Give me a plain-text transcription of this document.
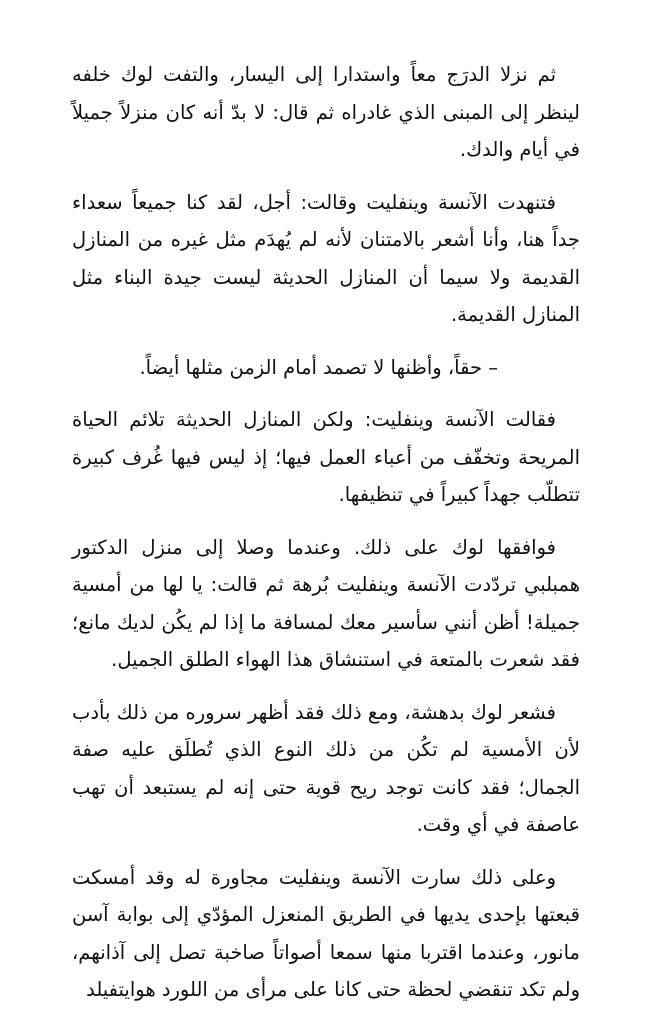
ثم نزلا الدرَج معاً واستدارا إلى اليسار، والتفت لوك خلفه لينظر إلى المبنى الذي غادراه ثم قال: لا بدّ أنه كان منزلاً جميلاً في أيام والدك.

فتنهدت الآنسة وينفليت وقالت: أجل، لقد كنا جميعاً سعداء جداً هنا، وأنا أشعر بالامتنان لأنه لم يُهدَم مثل غيره من المنازل القديمة ولا سيما أن المنازل الحديثة ليست جيدة البناء مثل المنازل القديمة.

– حقاً، وأظنها لا تصمد أمام الزمن مثلها أيضاً.

فقالت الآنسة وينفليت: ولكن المنازل الحديثة تلائم الحياة المريحة وتخفّف من أعباء العمل فيها؛ إذ ليس فيها غُرف كبيرة تتطلّب جهداً كبيراً في تنظيفها.

فوافقها لوك على ذلك. وعندما وصلا إلى منزل الدكتور همبلبي تردّدت الآنسة وينفليت بُرهة ثم قالت: يا لها من أمسية جميلة! أظن أنني سأسير معك لمسافة ما إذا لم يكُن لديك مانع؛ فقد شعرت بالمتعة في استنشاق هذا الهواء الطلق الجميل.

فشعر لوك بدهشة، ومع ذلك فقد أظهر سروره من ذلك بأدب لأن الأمسية لم تكُن من ذلك النوع الذي تُطلَق عليه صفة الجمال؛ فقد كانت توجد ريح قوية حتى إنه لم يستبعد أن تهب عاصفة في أي وقت.

وعلى ذلك سارت الآنسة وينفليت مجاورة له وقد أمسكت قبعتها بإحدى يديها في الطريق المنعزل المؤدّي إلى بوابة آسن مانور، وعندما اقتربا منها سمعا أصواتاً صاخبة تصل إلى آذانهم، ولم تكد تنقضي لحظة حتى كانا على مرأى من اللورد هوايتفيلد
